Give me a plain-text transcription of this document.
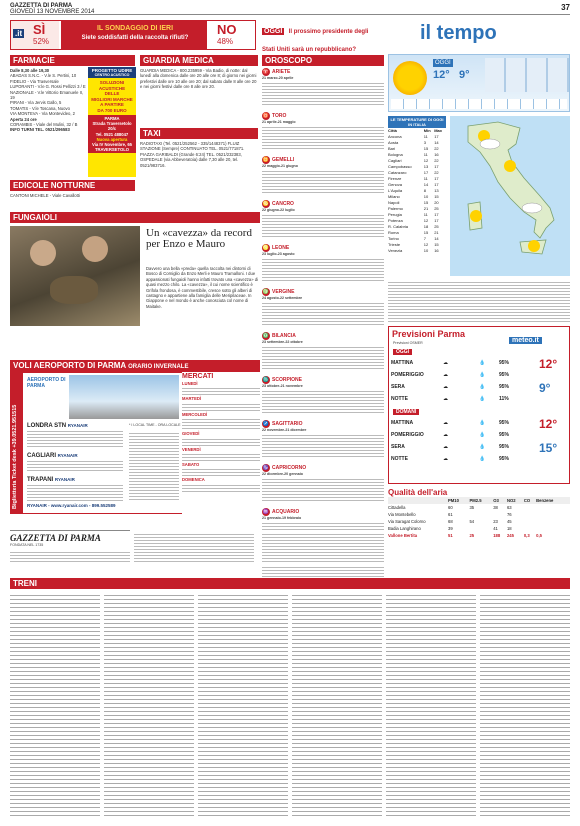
GAZZETTA DI PARMA
GIOVEDÌ 13 NOVEMBRE 2014	37
.it SÌ
52%
IL SONDAGGIO DI IERI
Siete soddisfatti della raccolta rifiuti?
NO
48%
OGGI Il prossimo presidente degli Stati Uniti sarà un repubblicano?
il tempo
FARMACIE
Dalle 8,30 alle 19,30
ABADAS S.N.C. - V.le S. Pertini, 10
FIDELIO - Via Trasversale
LUPORANTI - V.le G. Rossi Pellizzi 3 / E
NAZIONALE - V.le Vittorio Emanuele II, 19
PIRANI - Via Jervis Gallo, 5
TOMATIS - V.le Toscana, Nuovo
VIA MONTEVA - Via Montevideo, 2
Aperta 24 ore
CORAMBIS - Viale del Mulini, 32 / B
INFO TURNI TEL. 0521/296583
PROGETTO UDIRE
CENTRO ACUSTICO
SOLUZIONI ACUSTICHE
DELLE
MIGLIORI MARCHE
A PARTIRE
DA 700 EURO
PARMA
Strada Traversetolo 20/c
Tel. 0521 488047
Nuova apertura
Via IV Novembre, 65
TRAVERSETOLO
EDICOLE NOTTURNE
CANTONI MICHELE - Viale Cavallotti
GUARDIA MEDICA
GUARDIA MEDICA - 800.235959 - Via Badio, di notte: dal lunedì alla domenica dalle ore 20 alle ore 8; di giorno nei giorni prefestivi dalle ore 10 alle ore 20; dal sabato dalle 8 alle ore 20 e nei giorni festivi dalle ore 8 alle ore 20.
TAXI
RADIOTAXI (Tel. 0521/252562 - 335/1448371) FLUIZ STAZIONE (Sempre) CONTINUATO TEL. 0521/771871. PIAZZA GARIBALDI (Grande 6:24) TEL. 0521/232383, OSPEDALE (via Abbeveratoia) dalle 7,30 alle 20, tel. 0521/983716.
FUNGAIOLI
Un «cavezza» da record per Enzo e Mauro
Davvero una bella «preda» quella raccolta nei dintorni di Bosco di Corniglio da Enzo Merli e Mauro Tramalloni. I due appassionati fungaioli hanno infatti trovato una «cavezza» di quasi mezzo chilo. La «cavezza», il cui nome scientifico è Grifola frondosa, è commestibile, cresce sotto gli alberi di castagno e appartiene alla famiglia delle Meripilaceae. In Giappone e nel mondo è anche conosciuta col nome di Maitake.
OROSCOPO
♈ ARIETE
21 marzo-20 aprile
♉ TORO
21 aprile-21 maggio
♊ GEMELLI
22 maggio-21 giugno
♋ CANCRO
22 giugno-22 luglio
♌ LEONE
23 luglio-23 agosto
♍ VERGINE
24 agosto-22 settembre
♎ BILANCIA
23 settembre-22 ottobre
♏ SCORPIONE
23 ottobre-21 novembre
♐ SAGITTARIO
22 novembre-21 dicembre
♑ CAPRICORNO
22 dicembre-20 gennaio
♒ ACQUARIO
21 gennaio-19 febbraio
OGGI
12° 9°
LE TEMPERATURE DI OGGI IN ITALIA
Città	Min	Max
Ancona	11	17
Aosta	3	14
Bari	15	22
Bologna	11	16
Cagliari	12	22
Campobasso	13	17
Catanzaro	17	22
Firenze	11	17
Genova	14	17
L'Aquila	8	13
Milano	10	15
Napoli	15	20
Palermo	21	25
Perugia	11	17
Potenza	12	17
R. Calabria	18	25
Roma	15	21
Torino	7	14
Trieste	12	15
Venezia	10	16
Previsioni Parma
Previsioni OSMER	meteo.it
OGGI
MATTINA	☁	💧	95%	
POMERIGGIO	☁	💧	95%	
SERA	☁	💧	95%	
NOTTE	☁	💧	11%	
12°
9°
DOMANI
MATTINA	☁	💧	95%	
POMERIGGIO	☁	💧	95%	
SERA	☁	💧	95%	
NOTTE	☁	💧	95%	
12°
15°
Qualità dell'aria
	PM10	PM2.5	O3	NO2	CO	Benzene
Cittadella	60	35	38	63		
Via Montebello	61			76		
Via Saragat Colorno	68	54	23	45		
Badia Langhirano	39		41	18		
Vallone Bertita	51	25	188	245	0,3	0,5
VOLI AEROPORTO DI PARMA ORARIO INVERNALE
Biglietteria Ticket desk +39.0521.951515
AEROPORTO DI PARMA
LONDRA STN RYANAIR
CAGLIARI RYANAIR
TRAPANI RYANAIR
* I LOCAL TIME - ORA LOCALE
RYANAIR - www.ryanair.com - 899.552589
MERCATI
LUNEDÌ
MARTEDÌ
MERCOLEDÌ
GIOVEDÌ
VENERDÌ
SABATO
DOMENICA
GAZZETTA DI PARMA
FONDATA NEL 1735
TRENI
